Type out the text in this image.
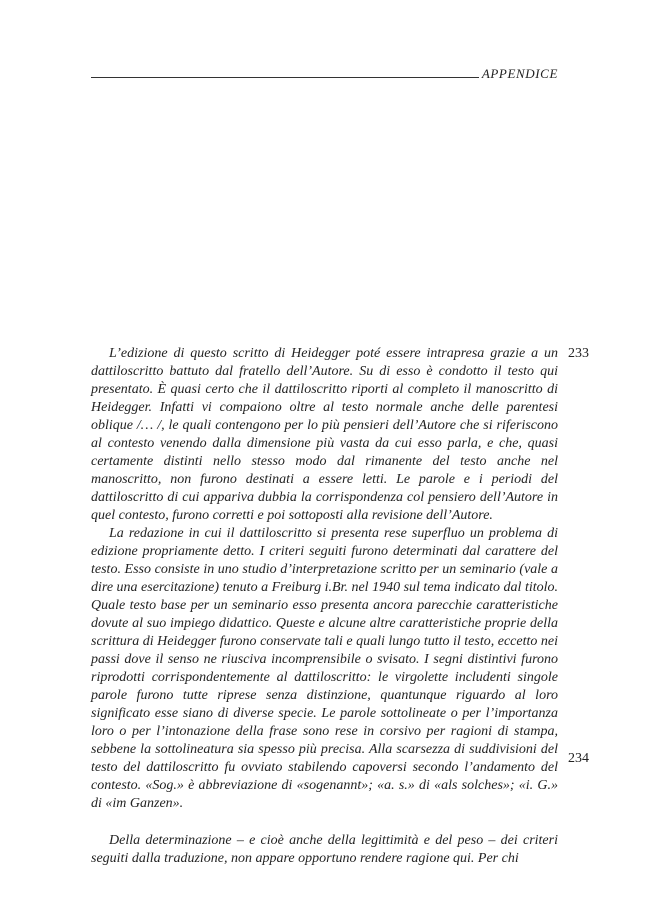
APPENDICE
233
234

L’edizione di questo scritto di Heidegger poté essere intrapresa grazie a un dattiloscritto battuto dal fratello dell’Autore. Su di esso è condotto il testo qui presentato. È quasi certo che il dattiloscritto riporti al completo il manoscritto di Heidegger. Infatti vi compaiono oltre al testo normale anche delle parentesi oblique /… /, le quali contengono per lo più pensieri dell’Autore che si riferiscono al contesto venendo dalla dimensione più vasta da cui esso parla, e che, quasi certamente distinti nello stesso modo dal rimanente del testo anche nel manoscritto, non furono destinati a essere letti. Le parole e i periodi del dattiloscritto di cui appariva dubbia la corrispondenza col pensiero dell’Autore in quel contesto, furono corretti e poi sottoposti alla revisione dell’Autore.

La redazione in cui il dattiloscritto si presenta rese superfluo un problema di edizione propriamente detto. I criteri seguiti furono determinati dal carattere del testo. Esso consiste in uno studio d’interpretazione scritto per un seminario (vale a dire una esercitazione) tenuto a Freiburg i.Br. nel 1940 sul tema indicato dal titolo. Quale testo base per un seminario esso presenta ancora parecchie caratteristiche dovute al suo impiego didattico. Queste e alcune altre caratteristiche proprie della scrittura di Heidegger furono conservate tali e quali lungo tutto il testo, eccetto nei passi dove il senso ne riusciva incomprensibile o svisato. I segni distintivi furono riprodotti corrispondentemente al dattiloscritto: le virgolette includenti singole parole furono tutte riprese senza distinzione, quantunque riguardo al loro significato esse siano di diverse specie. Le parole sottolineate o per l’importanza loro o per l’intonazione della frase sono rese in corsivo per ragioni di stampa, sebbene la sottolineatura sia spesso più precisa. Alla scarsezza di suddivisioni del testo del dattiloscritto fu ovviato stabilendo capoversi secondo l’andamento del contesto. «Sog.» è abbreviazione di «sogenannt»; «a. s.» di «als solches»; «i. G.» di «im Ganzen».

Della determinazione – e cioè anche della legittimità e del peso – dei criteri seguiti dalla traduzione, non appare opportuno rendere ragione qui. Per chi
